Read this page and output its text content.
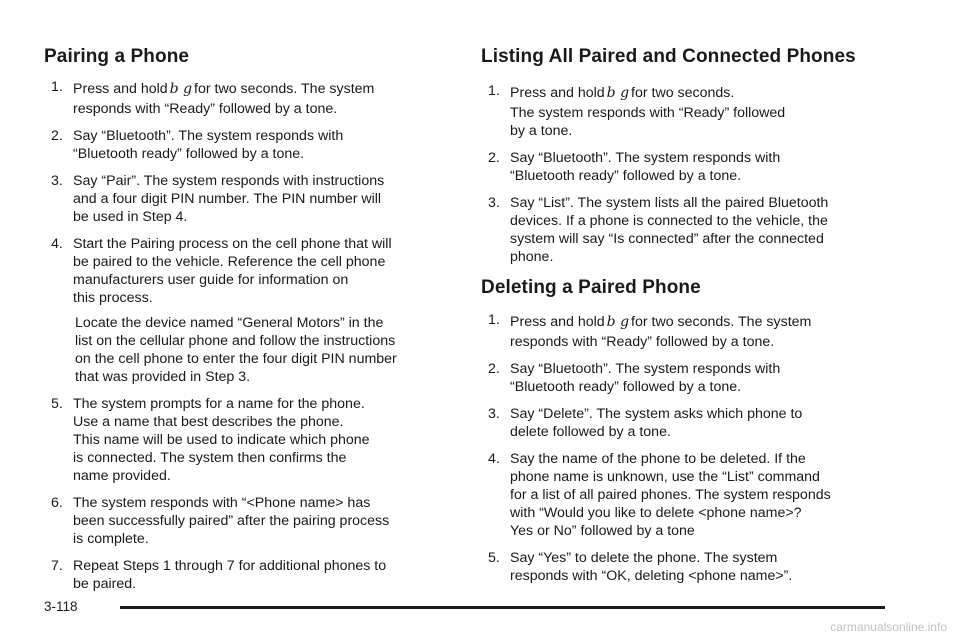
Pairing a Phone
1. Press and hold b g for two seconds. The system
responds with “Ready” followed by a tone.
2. Say “Bluetooth”. The system responds with
“Bluetooth ready” followed by a tone.
3. Say “Pair”. The system responds with instructions
and a four digit PIN number. The PIN number will
be used in Step 4.
4. Start the Pairing process on the cell phone that will
be paired to the vehicle. Reference the cell phone
manufacturers user guide for information on
this process.
Locate the device named “General Motors” in the
list on the cellular phone and follow the instructions
on the cell phone to enter the four digit PIN number
that was provided in Step 3.
5. The system prompts for a name for the phone.
Use a name that best describes the phone.
This name will be used to indicate which phone
is connected. The system then confirms the
name provided.
6. The system responds with “<Phone name> has
been successfully paired” after the pairing process
is complete.
7. Repeat Steps 1 through 7 for additional phones to
be paired.
Listing All Paired and Connected Phones
1. Press and hold b g for two seconds.
The system responds with “Ready” followed
by a tone.
2. Say “Bluetooth”. The system responds with
“Bluetooth ready” followed by a tone.
3. Say “List”. The system lists all the paired Bluetooth
devices. If a phone is connected to the vehicle, the
system will say “Is connected” after the connected
phone.
Deleting a Paired Phone
1. Press and hold b g for two seconds. The system
responds with “Ready” followed by a tone.
2. Say “Bluetooth”. The system responds with
“Bluetooth ready” followed by a tone.
3. Say “Delete”. The system asks which phone to
delete followed by a tone.
4. Say the name of the phone to be deleted. If the
phone name is unknown, use the “List” command
for a list of all paired phones. The system responds
with “Would you like to delete <phone name>?
Yes or No” followed by a tone
5. Say “Yes” to delete the phone. The system
responds with “OK, deleting <phone name>”.
3-118
carmanualsonline.info
